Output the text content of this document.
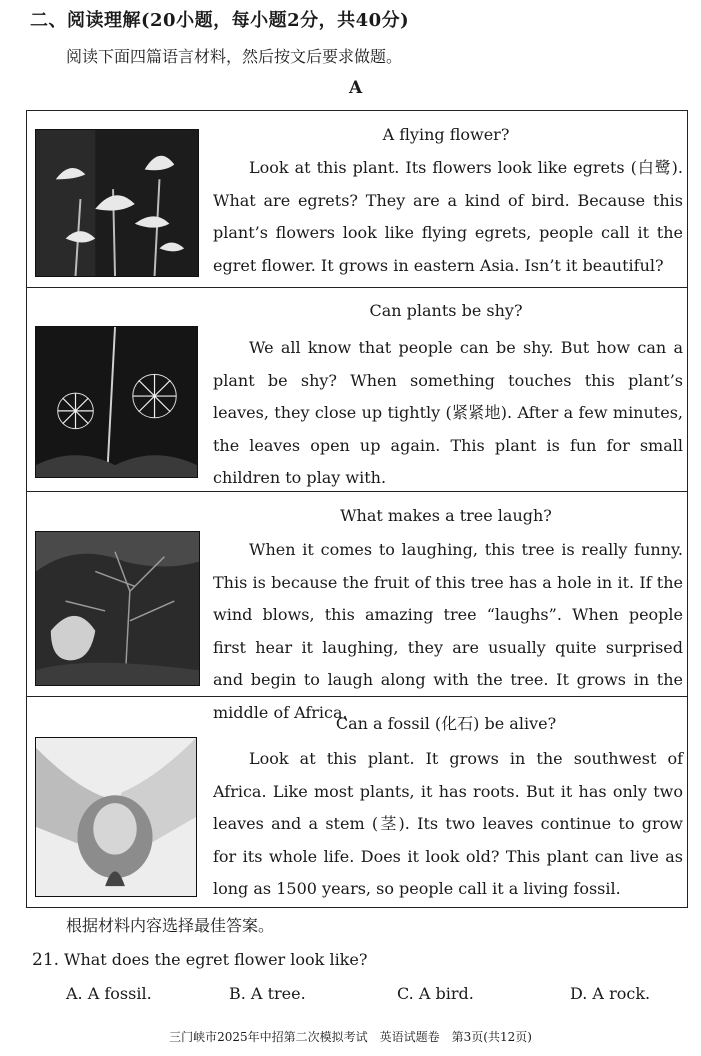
二、阅读理解(20小题，每小题2分，共40分)
阅读下面四篇语言材料，然后按文后要求做题。
A
A flying flower?
Look at this plant. Its flowers look like egrets (白鹭). What are egrets? They are a kind of bird. Because this plant’s flowers look like flying egrets, people call it the egret flower. It grows in eastern Asia. Isn’t it beautiful?
Can plants be shy?
We all know that people can be shy. But how can a plant be shy? When something touches this plant’s leaves, they close up tightly (紧紧地). After a few minutes, the leaves open up again. This plant is fun for small children to play with.
What makes a tree laugh?
When it comes to laughing, this tree is really funny. This is because the fruit of this tree has a hole in it. If the wind blows, this amazing tree “laughs”. When people first hear it laughing, they are usually quite surprised and begin to laugh along with the tree. It grows in the middle of Africa.
Can a fossil (化石) be alive?
Look at this plant. It grows in the southwest of Africa. Like most plants, it has roots. But it has only two leaves and a stem (茎). Its two leaves continue to grow for its whole life. Does it look old? This plant can live as long as 1500 years, so people call it a living fossil.
根据材料内容选择最佳答案。
21. What does the egret flower look like?
A. A fossil.	B. A tree.	C. A bird.	D. A rock.
三门峡市2025年中招第二次模拟考试　英语试题卷　第3页(共12页)
